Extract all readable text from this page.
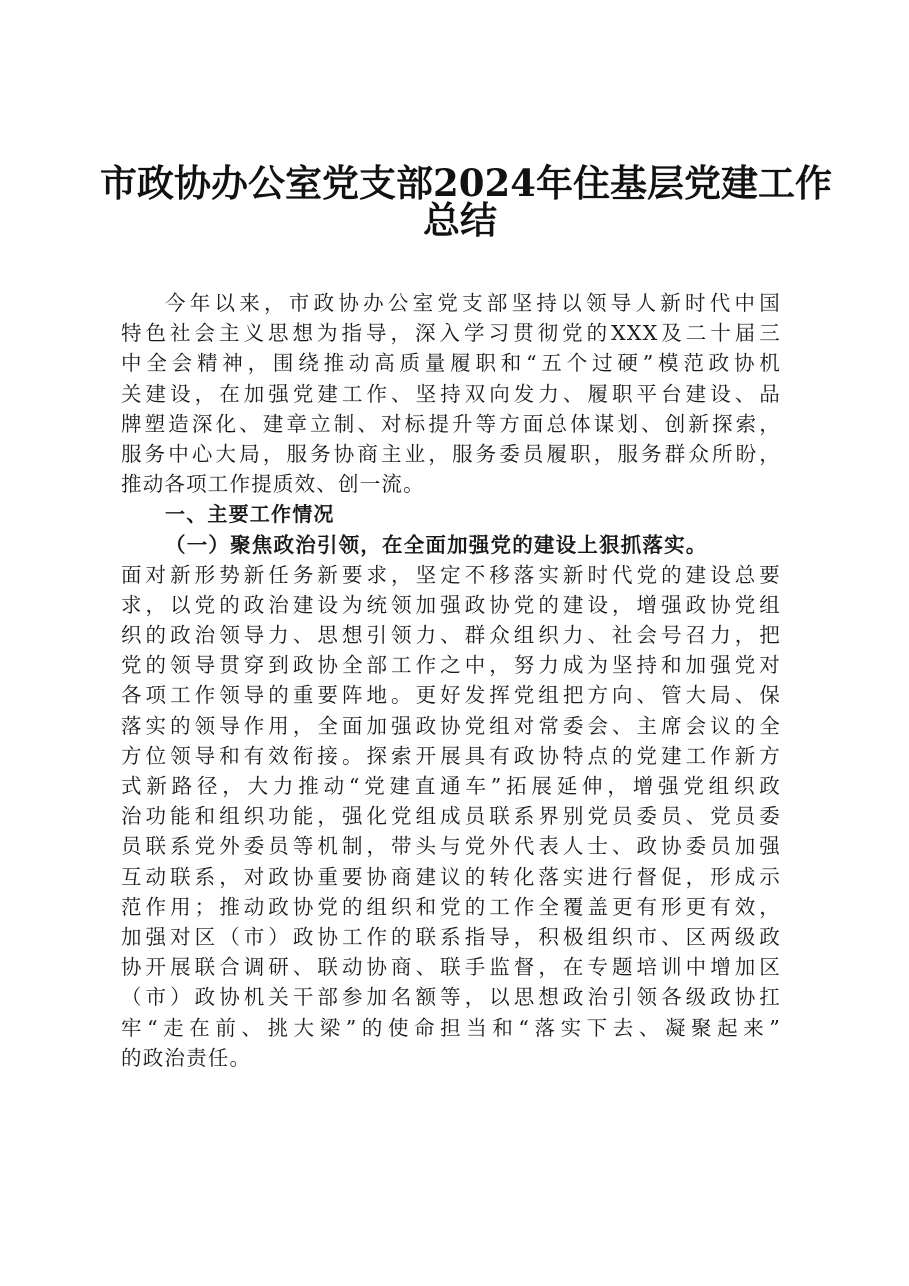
市政协办公室党支部2024年住基层党建工作
总结
今年以来，市政协办公室党支部坚持以领导人新时代中国
特色社会主义思想为指导，深入学习贯彻党的XXX及二十届三
中全会精神，围绕推动高质量履职和“五个过硬”模范政协机
关建设，在加强党建工作、坚持双向发力、履职平台建设、品
牌塑造深化、建章立制、对标提升等方面总体谋划、创新探索，
服务中心大局，服务协商主业，服务委员履职，服务群众所盼，
推动各项工作提质效、创一流。
一、主要工作情况
（一）聚焦政治引领，在全面加强党的建设上狠抓落实。
面对新形势新任务新要求，坚定不移落实新时代党的建设总要
求，以党的政治建设为统领加强政协党的建设，增强政协党组
织的政治领导力、思想引领力、群众组织力、社会号召力，把
党的领导贯穿到政协全部工作之中，努力成为坚持和加强党对
各项工作领导的重要阵地。更好发挥党组把方向、管大局、保
落实的领导作用，全面加强政协党组对常委会、主席会议的全
方位领导和有效衔接。探索开展具有政协特点的党建工作新方
式新路径，大力推动“党建直通车”拓展延伸，增强党组织政
治功能和组织功能，强化党组成员联系界别党员委员、党员委
员联系党外委员等机制，带头与党外代表人士、政协委员加强
互动联系，对政协重要协商建议的转化落实进行督促，形成示
范作用；推动政协党的组织和党的工作全覆盖更有形更有效，
加强对区（市）政协工作的联系指导，积极组织市、区两级政
协开展联合调研、联动协商、联手监督，在专题培训中增加区
（市）政协机关干部参加名额等，以思想政治引领各级政协扛
牢“走在前、挑大梁”的使命担当和“落实下去、凝聚起来”
的政治责任。
